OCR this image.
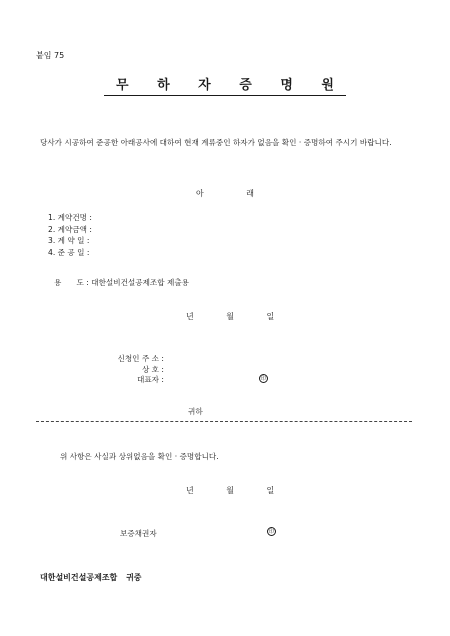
붙임 75
무 하 자 증 명 원
당사가 시공하여 준공한 아래공사에 대하여 현재 계류중인 하자가 없음을 확인 · 증명하여 주시기 바랍니다.
아 래
1. 계약건명 :
2. 계약금액 :
3. 계 약 일 :
4. 준 공 일 :
용　　도 : 대한설비건설공제조합 제출용
년 월 일
신청인 주 소 :
상 호 :
대표자 :	印
귀하
위 사항은 사실과 상위없음을 확인 · 증명합니다.
년 월 일
보증채권자	印
대한설비건설공제조합 귀중
